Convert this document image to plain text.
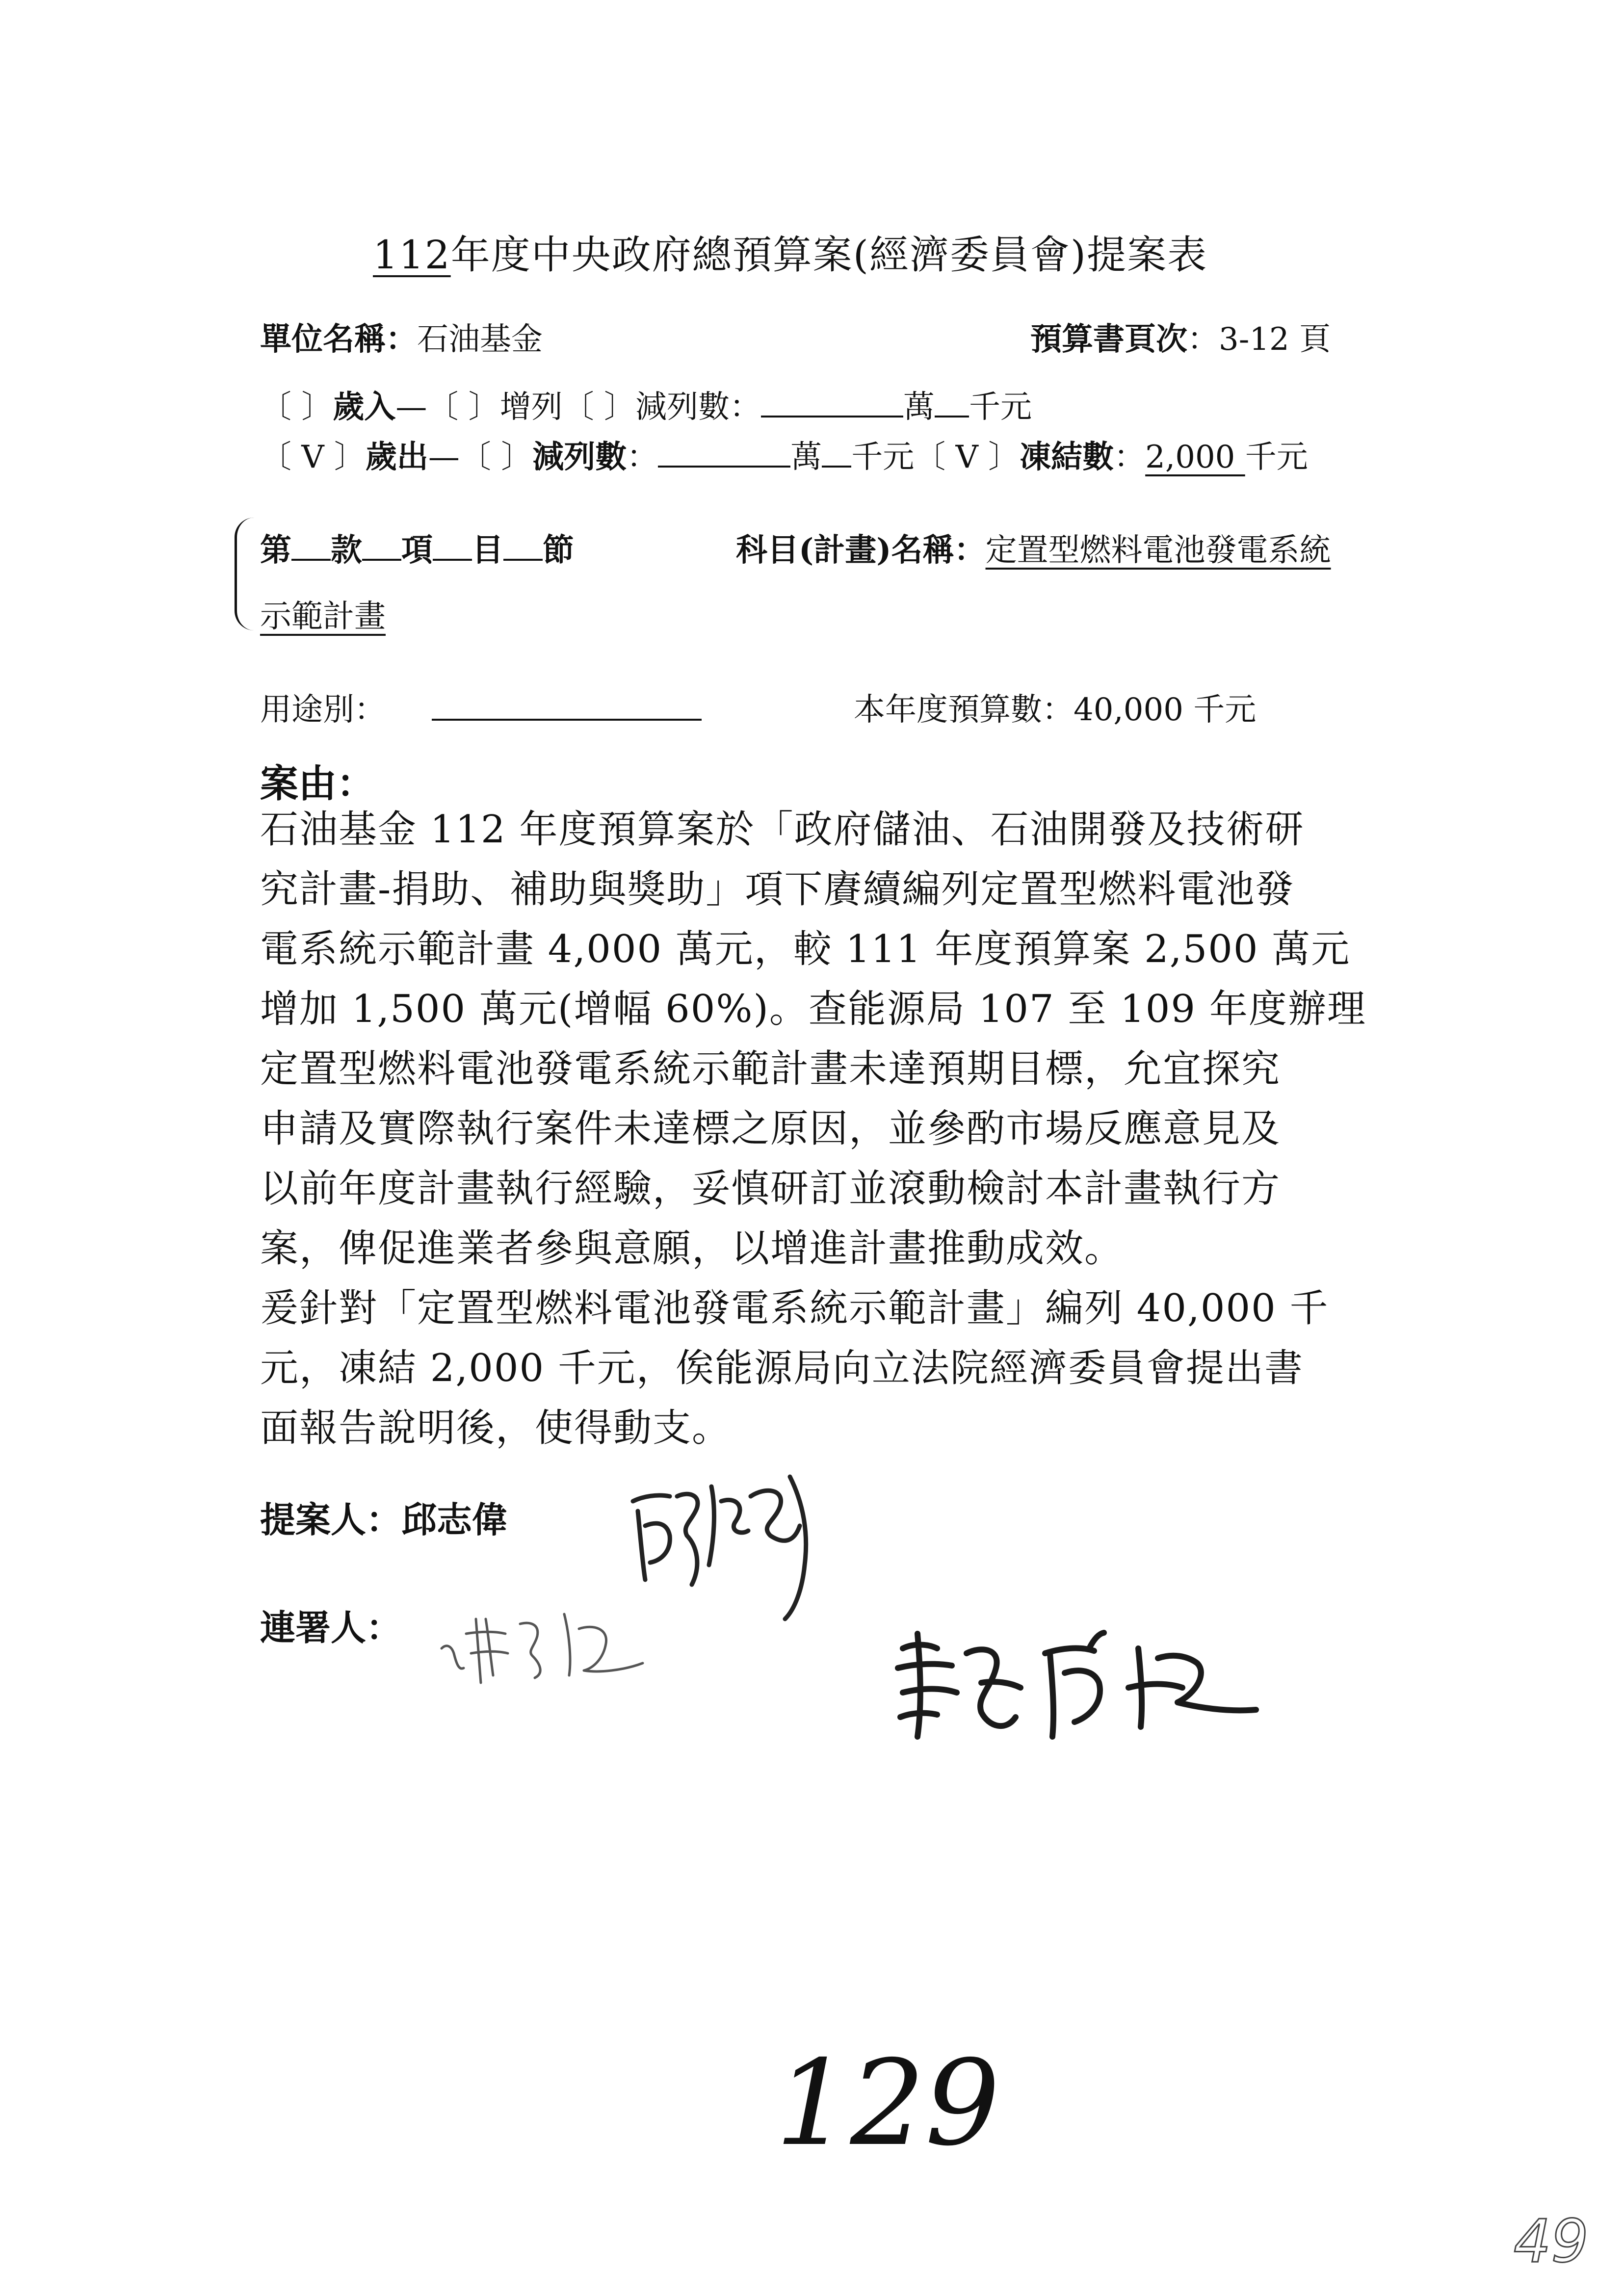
112年度中央政府總預算案(經濟委員會)提案表
單位名稱：石油基金	預算書頁次：3-12 頁
〔 〕歲入—〔 〕增列〔 〕減列數：	萬 千元
〔 V 〕歲出—〔 〕減列數：	萬 千元〔 V 〕凍結數：2,000 千元
第 款 項 目 節	科目(計畫)名稱：定置型燃料電池發電系統
示範計畫
用途別：	本年度預算數：40,000 千元
案由：

石油基金 112 年度預算案於「政府儲油、石油開發及技術研

究計畫-捐助、補助與獎助」項下賡續編列定置型燃料電池發

電系統示範計畫 4,000 萬元，較 111 年度預算案 2,500 萬元

增加 1,500 萬元(增幅 60%)。查能源局 107 至 109 年度辦理

定置型燃料電池發電系統示範計畫未達預期目標，允宜探究

申請及實際執行案件未達標之原因，並參酌市場反應意見及

以前年度計畫執行經驗，妥慎研訂並滾動檢討本計畫執行方

案，俾促進業者參與意願，以增進計畫推動成效。

爰針對「定置型燃料電池發電系統示範計畫」編列 40,000 千

元，凍結 2,000 千元，俟能源局向立法院經濟委員會提出書

面報告說明後，使得動支。

提案人：邱志偉
連署人：
129
49
